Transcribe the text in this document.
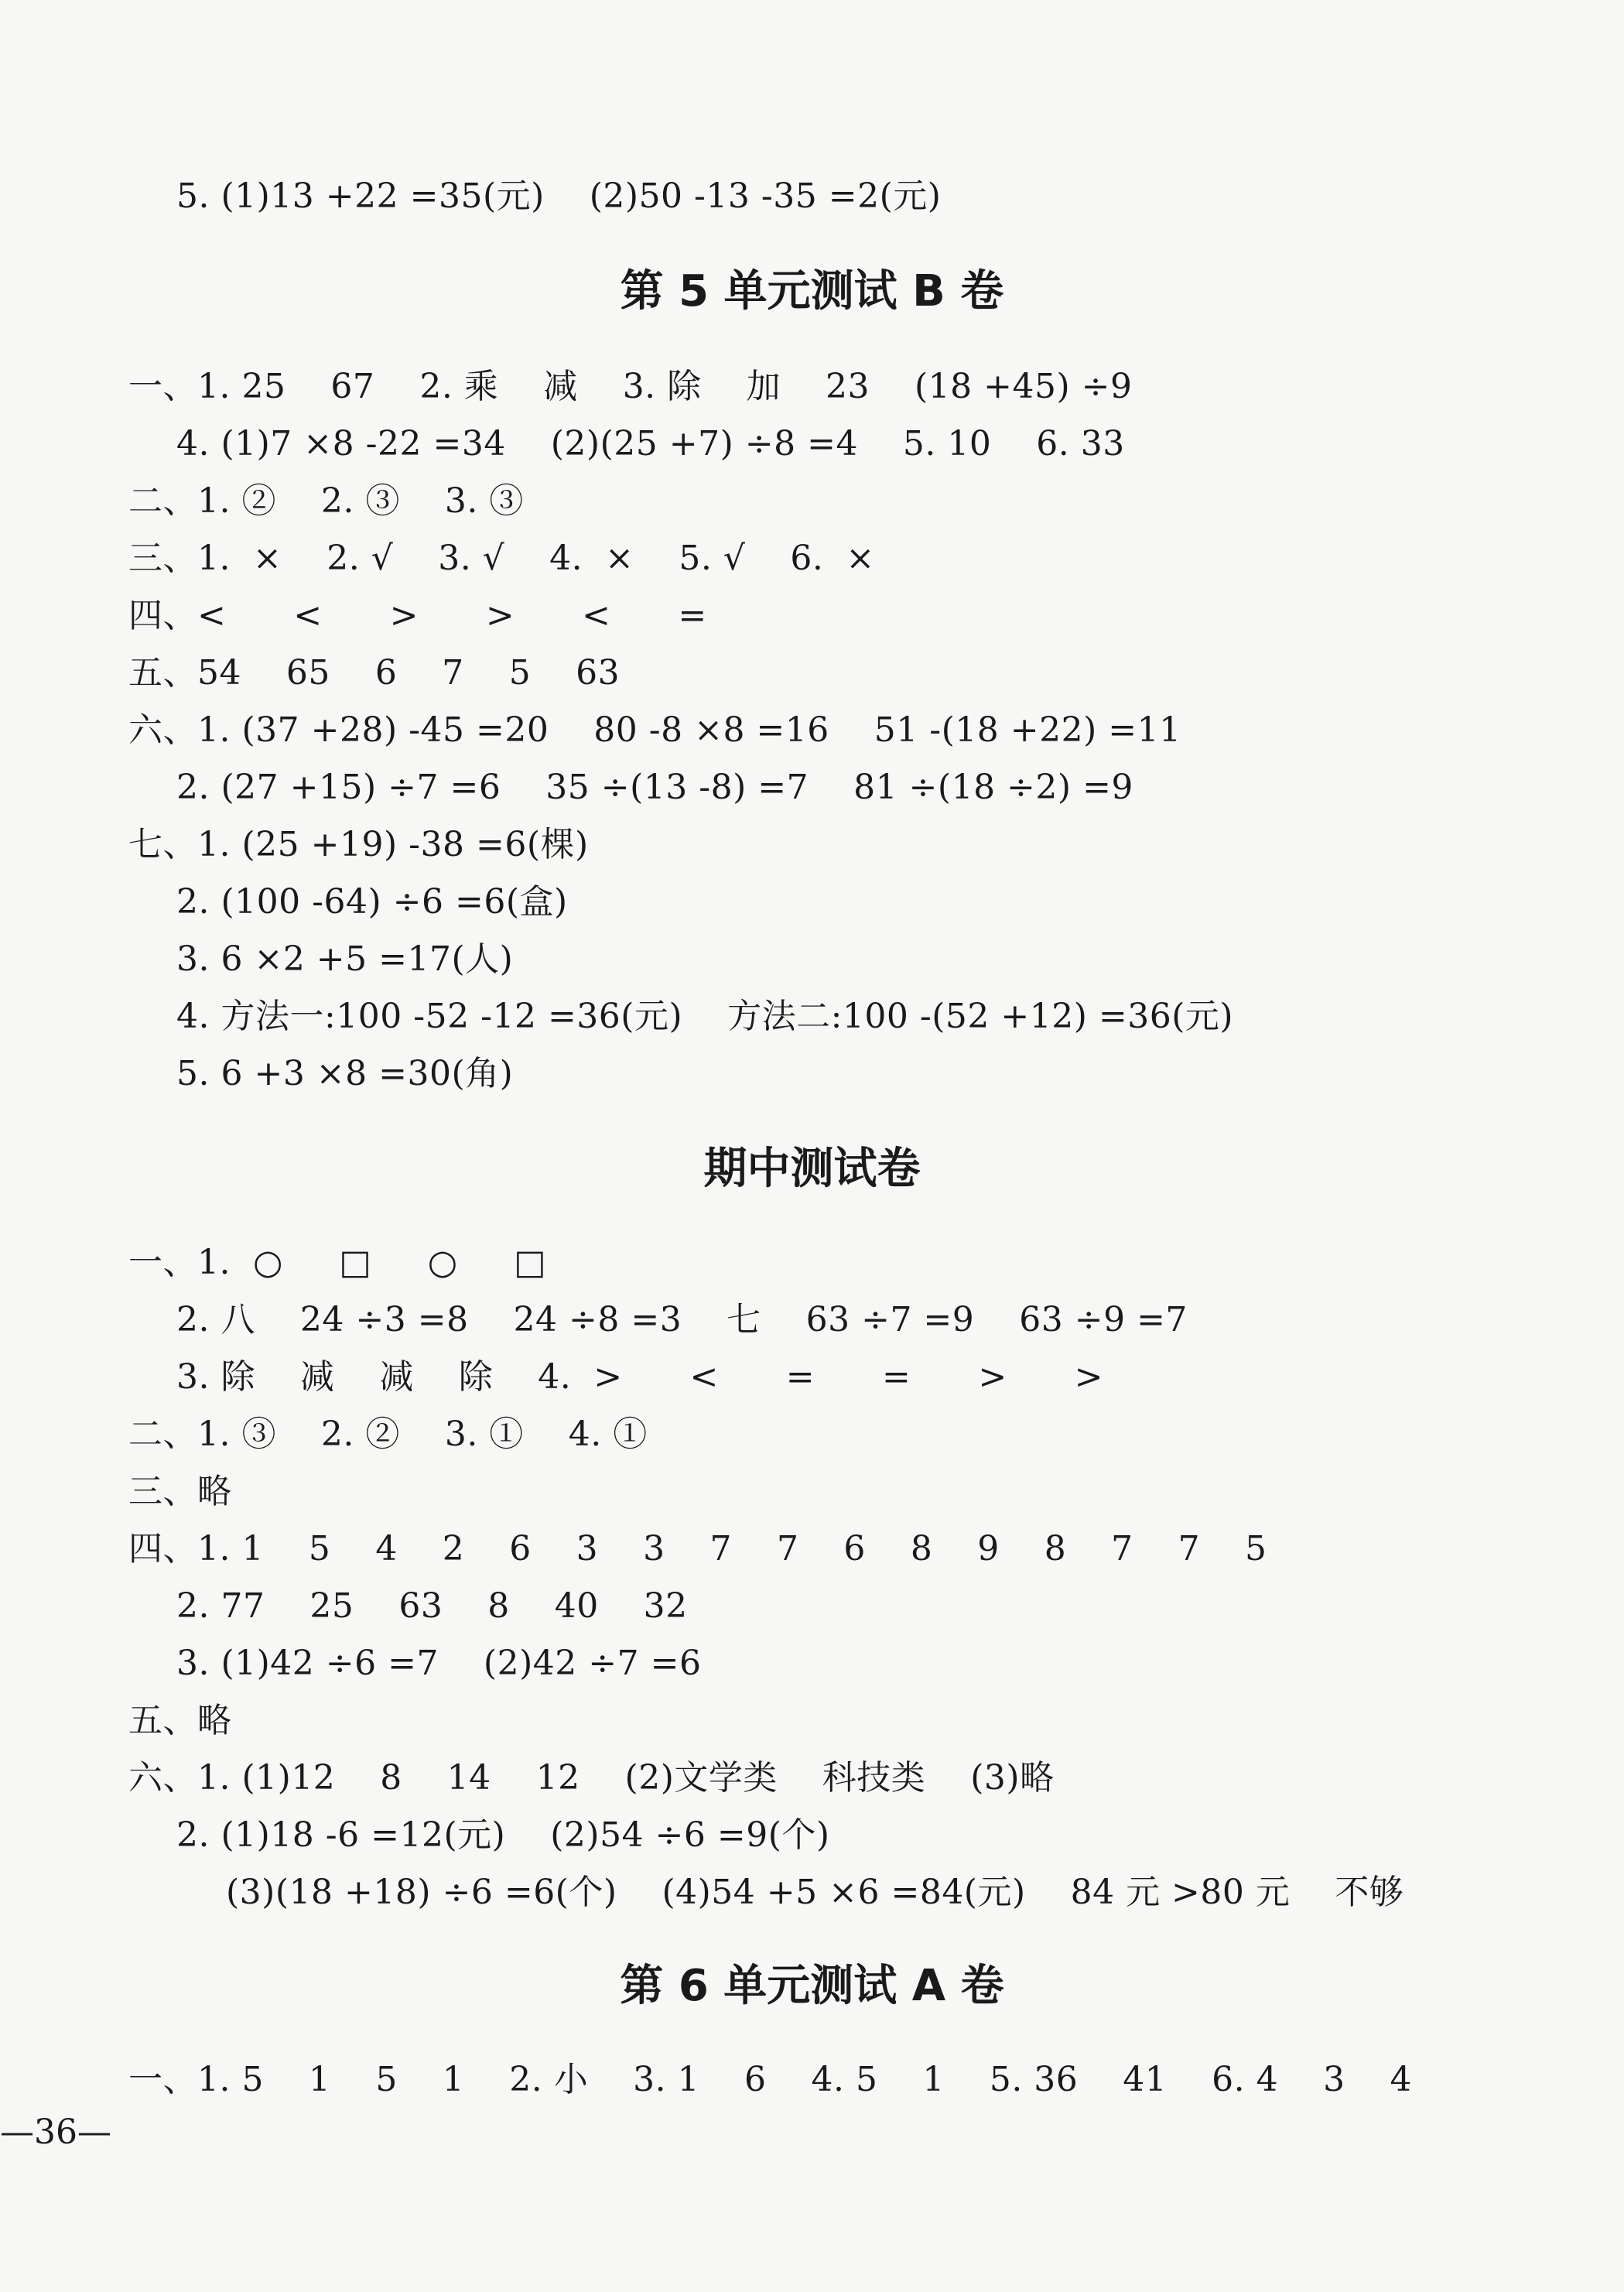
5. (1)13 +22 =35(元)    (2)50 -13 -35 =2(元)
第 5 单元测试 B 卷
一、1. 25    67    2. 乘    减    3. 除    加    23    (18 +45) ÷9
4. (1)7 ×8 -22 =34    (2)(25 +7) ÷8 =4    5. 10    6. 33
二、1. ②    2. ③    3. ③
三、1.  ×    2. √    3. √    4.  ×    5. √    6.  ×
四、<      <      >      >      <      =
五、54    65    6    7    5    63
六、1. (37 +28) -45 =20    80 -8 ×8 =16    51 -(18 +22) =11
2. (27 +15) ÷7 =6    35 ÷(13 -8) =7    81 ÷(18 ÷2) =9
七、1. (25 +19) -38 =6(棵)
2. (100 -64) ÷6 =6(盒)
3. 6 ×2 +5 =17(人)
4. 方法一:100 -52 -12 =36(元)    方法二:100 -(52 +12) =36(元)
5. 6 +3 ×8 =30(角)
期中测试卷
一、1.  ○     □     ○     □
2. 八    24 ÷3 =8    24 ÷8 =3    七    63 ÷7 =9    63 ÷9 =7
3. 除    减    减    除    4.  >      <      =      =      >      >
二、1. ③    2. ②    3. ①    4. ①
三、略
四、1. 1    5    4    2    6    3    3    7    7    6    8    9    8    7    7    5
2. 77    25    63    8    40    32
3. (1)42 ÷6 =7    (2)42 ÷7 =6
五、略
六、1. (1)12    8    14    12    (2)文学类    科技类    (3)略
2. (1)18 -6 =12(元)    (2)54 ÷6 =9(个)
(3)(18 +18) ÷6 =6(个)    (4)54 +5 ×6 =84(元)    84 元 >80 元    不够
第 6 单元测试 A 卷
一、1. 5    1    5    1    2. 小    3. 1    6    4. 5    1    5. 36    41    6. 4    3    4
—36—
